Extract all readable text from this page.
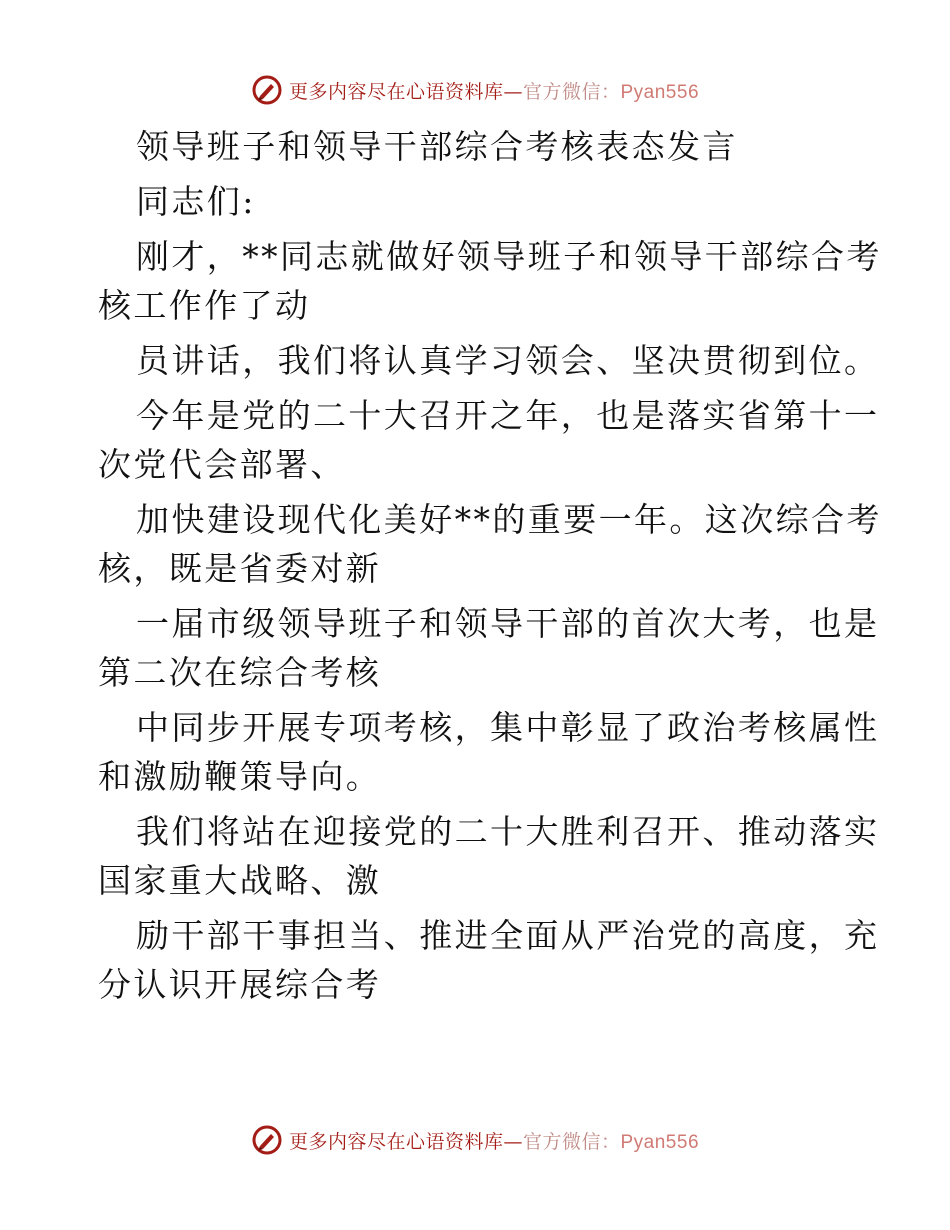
更多内容尽在心语资料库—官方微信：Pyan556

领导班子和领导干部综合考核表态发言

同志们:

刚才，**同志就做好领导班子和领导干部综合考
核工作作了动

员讲话，我们将认真学习领会、坚决贯彻到位。

今年是党的二十大召开之年，也是落实省第十一
次党代会部署、

加快建设现代化美好**的重要一年。这次综合考
核，既是省委对新

一届市级领导班子和领导干部的首次大考，也是
第二次在综合考核

中同步开展专项考核，集中彰显了政治考核属性
和激励鞭策导向。

我们将站在迎接党的二十大胜利召开、推动落实
国家重大战略、激

励干部干事担当、推进全面从严治党的高度，充
分认识开展综合考

更多内容尽在心语资料库—官方微信：Pyan556
